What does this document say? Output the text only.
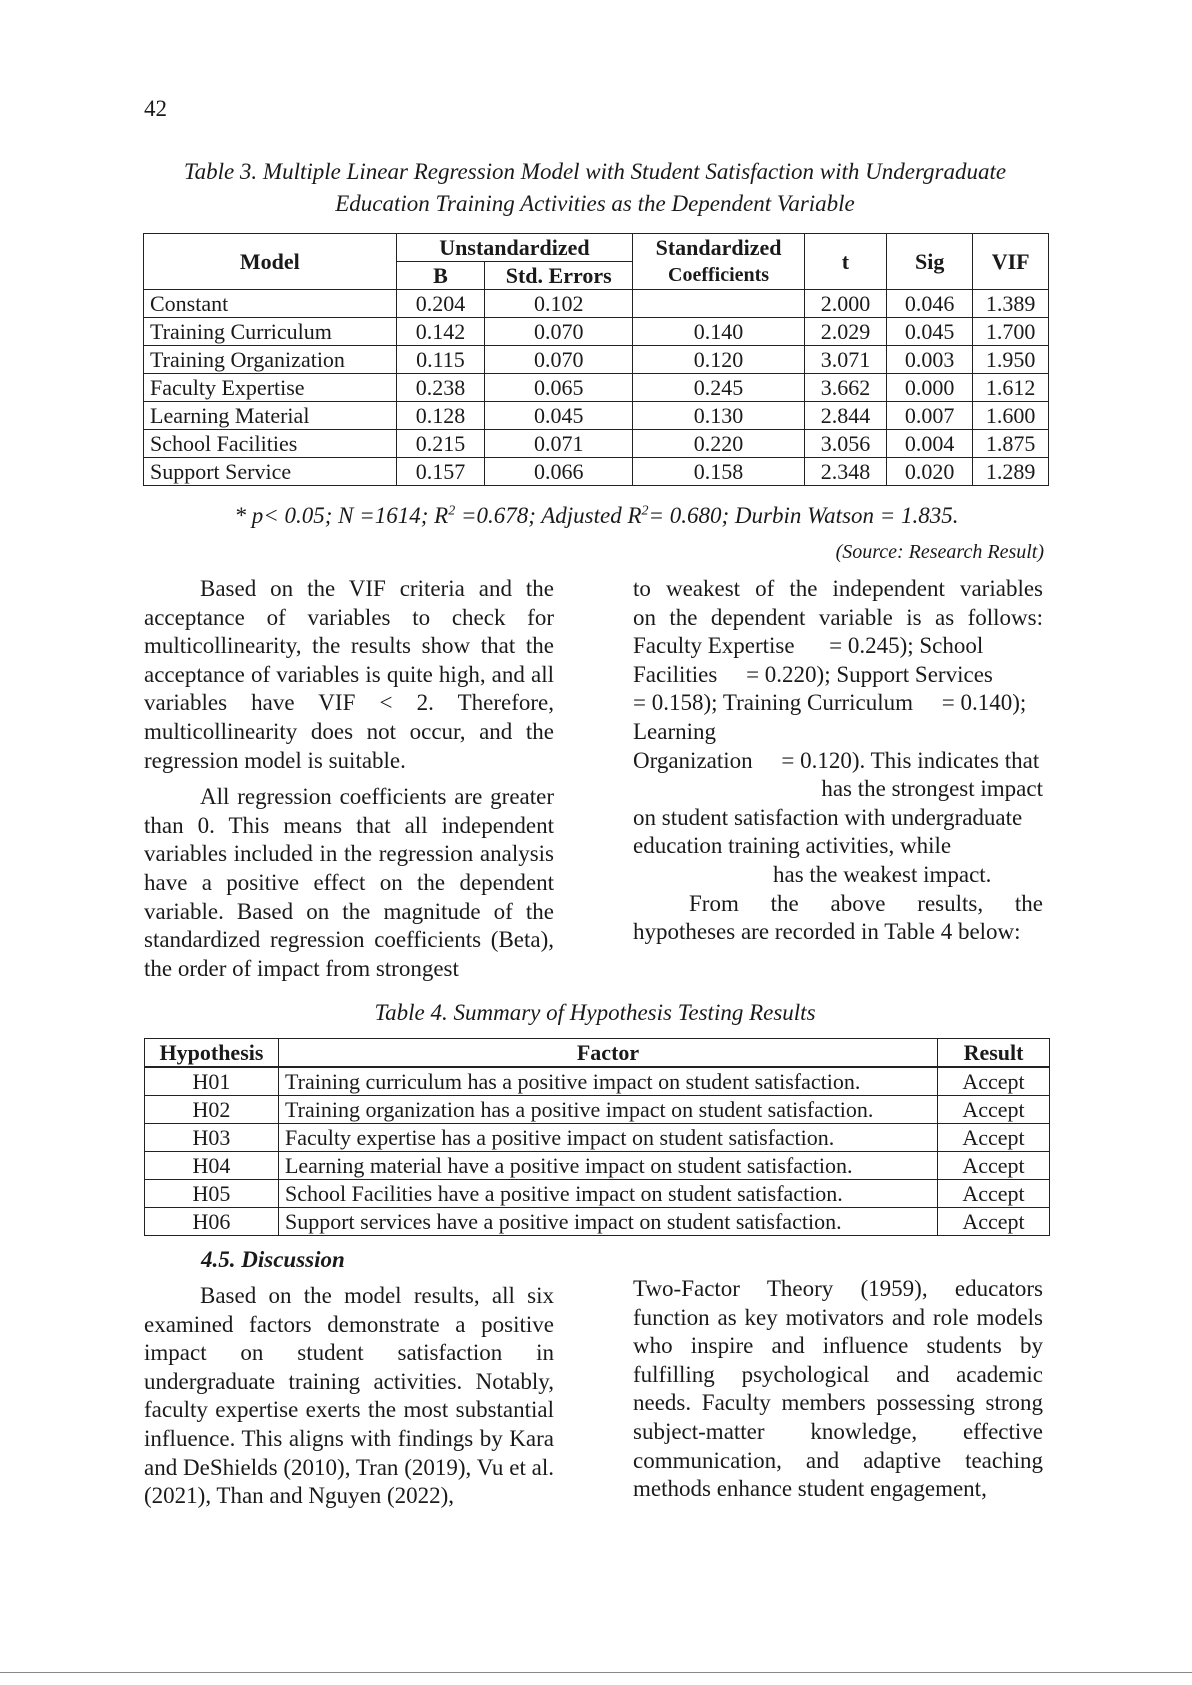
42
Table 3. Multiple Linear Regression Model with Student Satisfaction with Undergraduate
Education Training Activities as the Dependent Variable
Model	Unstandardized		Standardized	t	Sig	VIF
	B	Std. Errors	Coefficients			
Constant	0.204	0.102		2.000	0.046	1.389
Training Curriculum	0.142	0.070	0.140	2.029	0.045	1.700
Training Organization	0.115	0.070	0.120	3.071	0.003	1.950
Faculty Expertise	0.238	0.065	0.245	3.662	0.000	1.612
Learning Material	0.128	0.045	0.130	2.844	0.007	1.600
School Facilities	0.215	0.071	0.220	3.056	0.004	1.875
Support Service	0.157	0.066	0.158	2.348	0.020	1.289
* p< 0.05; N =1614; $R^2 =0.678$; Adjusted $R^2= 0.680$; Durbin Watson = 1.835.
(Source: Research Result)

Based on the VIF criteria and the acceptance of variables to check for multicollinearity, the results show that the acceptance of variables is quite high, and all variables have VIF < 2. Therefore, multicollinearity does not occur, and the regression model is suitable.

All regression coefficients are greater than 0. This means that all independent variables included in the regression analysis have a positive effect on the dependent variable. Based on the magnitude of the standardized regression coefficients (Beta), the order of impact from strongest

to weakest of the independent variables
on the dependent variable is as follows:
Faculty Expertise      = 0.245); School
Facilities     = 0.220); Support Services
= 0.158); Training Curriculum     = 0.140);
Learning
Organization     = 0.120). This indicates that
has the strongest impact
on student satisfaction with undergraduate
education training activities, while
has the weakest impact.

From the above results, the hypotheses are recorded in Table 4 below:

Table 4. Summary of Hypothesis Testing Results
Hypothesis	Factor	Result
H01	Training curriculum has a positive impact on student satisfaction.	Accept
H02	Training organization has a positive impact on student satisfaction.	Accept
H03	Faculty expertise has a positive impact on student satisfaction.	Accept
H04	Learning material have a positive impact on student satisfaction.	Accept
H05	School Facilities have a positive impact on student satisfaction.	Accept
H06	Support services have a positive impact on student satisfaction.	Accept
4.5. Discussion

Based on the model results, all six examined factors demonstrate a positive impact on student satisfaction in undergraduate training activities. Notably, faculty expertise exerts the most substantial influence. This aligns with findings by Kara and DeShields (2010), Tran (2019), Vu et al. (2021), Than and Nguyen (2022),

Two-Factor Theory (1959), educators function as key motivators and role models who inspire and influence students by fulfilling psychological and academic needs. Faculty members possessing strong subject-matter knowledge, effective communication, and adaptive teaching methods enhance student engagement,
